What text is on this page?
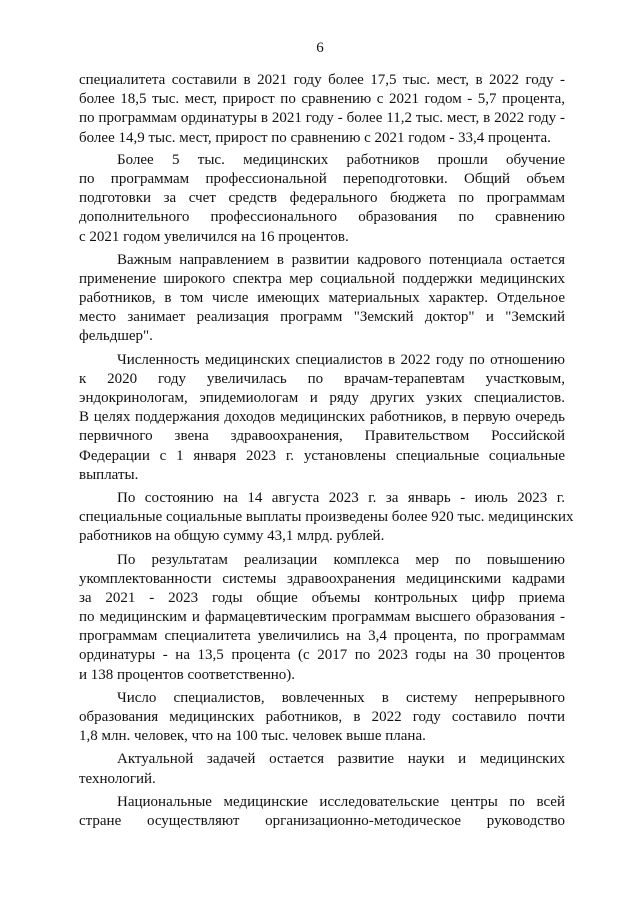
6
специалитета составили в 2021 году более 17,5 тыс. мест, в 2022 году -
более 18,5 тыс. мест, прирост по сравнению с 2021 годом - 5,7 процента,
по программам ординатуры в 2021 году - более 11,2 тыс. мест, в 2022 году -
более 14,9 тыс. мест, прирост по сравнению с 2021 годом - 33,4 процента.
Более 5 тыс. медицинских работников прошли обучение
по программам профессиональной переподготовки. Общий объем
подготовки за счет средств федерального бюджета по программам
дополнительного профессионального образования по сравнению
с 2021 годом увеличился на 16 процентов.
Важным направлением в развитии кадрового потенциала остается
применение широкого спектра мер социальной поддержки медицинских
работников, в том числе имеющих материальных характер. Отдельное
место занимает реализация программ "Земский доктор" и "Земский
фельдшер".
Численность медицинских специалистов в 2022 году по отношению
к 2020 году увеличилась по врачам-терапевтам участковым,
эндокринологам, эпидемиологам и ряду других узких специалистов.
В целях поддержания доходов медицинских работников, в первую очередь
первичного звена здравоохранения, Правительством Российской
Федерации с 1 января 2023 г. установлены специальные социальные
выплаты.
По состоянию на 14 августа 2023 г. за январь - июль 2023 г.
специальные социальные выплаты произведены более 920 тыс. медицинских
работников на общую сумму 43,1 млрд. рублей.
По результатам реализации комплекса мер по повышению
укомплектованности системы здравоохранения медицинскими кадрами
за 2021 - 2023 годы общие объемы контрольных цифр приема
по медицинским и фармацевтическим программам высшего образования -
программам специалитета увеличились на 3,4 процента, по программам
ординатуры - на 13,5 процента (с 2017 по 2023 годы на 30 процентов
и 138 процентов соответственно).
Число специалистов, вовлеченных в систему непрерывного
образования медицинских работников, в 2022 году составило почти
1,8 млн. человек, что на 100 тыс. человек выше плана.
Актуальной задачей остается развитие науки и медицинских
технологий.
Национальные медицинские исследовательские центры по всей
стране осуществляют организационно-методическое руководство
